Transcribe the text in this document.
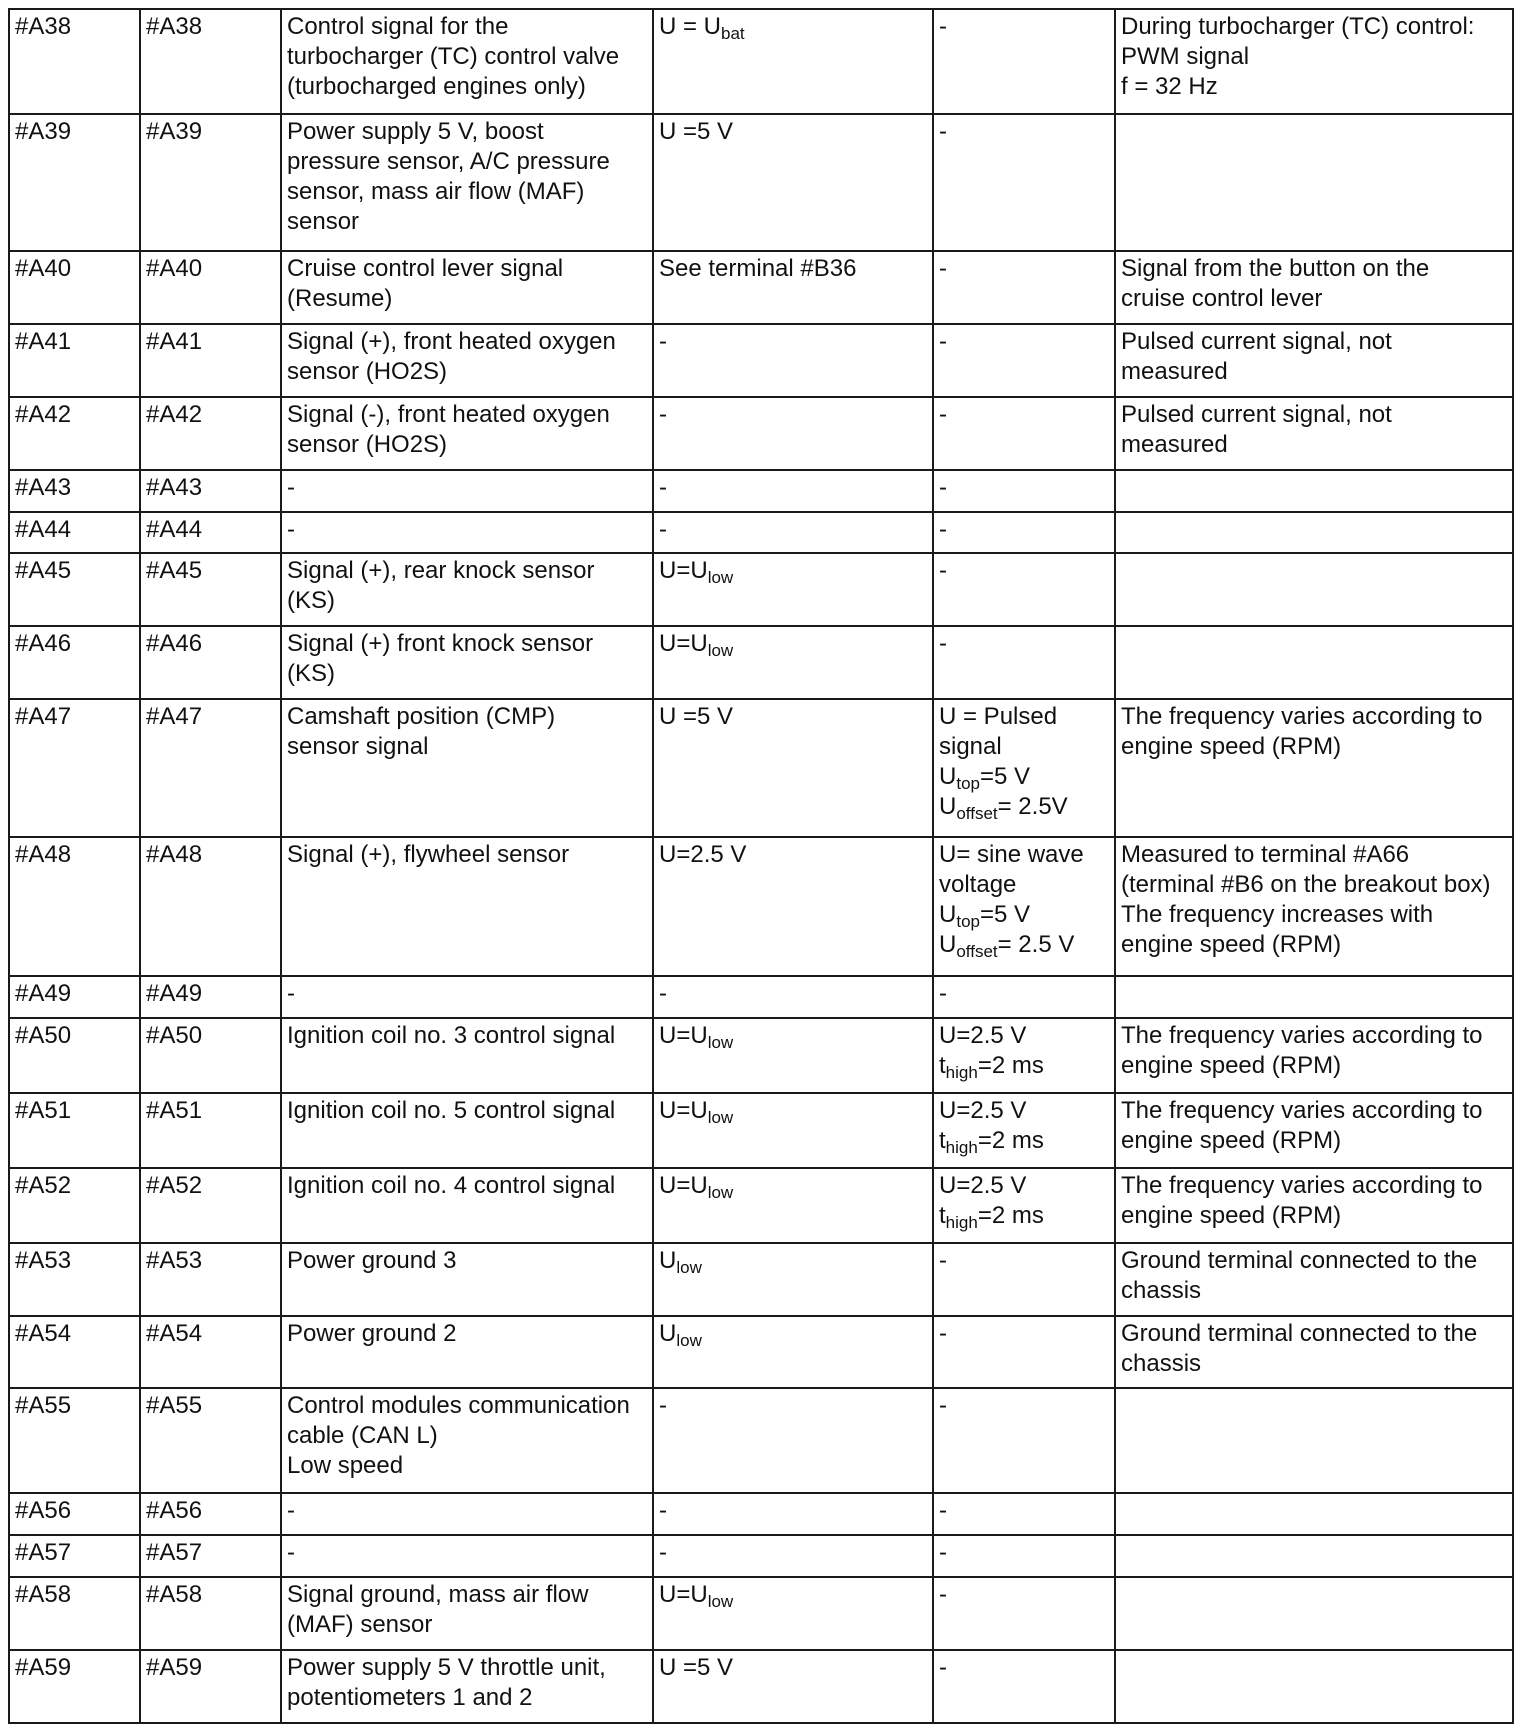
#A38	#A38	Control signal for the
turbocharger (TC) control valve
(turbocharged engines only)	$U = U_{bat}$	-	During turbocharger (TC) control:
PWM signal
f = 32 Hz

#A39	#A39	Power supply 5 V, boost
pressure sensor, A/C pressure
sensor, mass air flow (MAF)
sensor	U =5 V	-	

#A40	#A40	Cruise control lever signal
(Resume)	See terminal #B36	-	Signal from the button on the
cruise control lever

#A41	#A41	Signal (+), front heated oxygen
sensor (HO2S)	-	-	Pulsed current signal, not
measured

#A42	#A42	Signal (-), front heated oxygen
sensor (HO2S)	-	-	Pulsed current signal, not
measured

#A43	#A43	-	-	-	

#A44	#A44	-	-	-	

#A45	#A45	Signal (+), rear knock sensor
(KS)	$U=U_{low}$	-	

#A46	#A46	Signal (+) front knock sensor
(KS)	$U=U_{low}$	-	

#A47	#A47	Camshaft position (CMP)
sensor signal	U =5 V	U = Pulsed
signal
$U_{top}=5$ V
$U_{offset}= 2.5V$	The frequency varies according to
engine speed (RPM)

#A48	#A48	Signal (+), flywheel sensor	U=2.5 V	U= sine wave
voltage
$U_{top}=5$ V
$U_{offset}= 2.5$ V	Measured to terminal #A66
(terminal #B6 on the breakout box)
The frequency increases with
engine speed (RPM)

#A49	#A49	-	-	-	

#A50	#A50	Ignition coil no. 3 control signal	$U=U_{low}$	U=2.5 V
$t_{high}=2$ ms	The frequency varies according to
engine speed (RPM)

#A51	#A51	Ignition coil no. 5 control signal	$U=U_{low}$	U=2.5 V
$t_{high}=2$ ms	The frequency varies according to
engine speed (RPM)

#A52	#A52	Ignition coil no. 4 control signal	$U=U_{low}$	U=2.5 V
$t_{high}=2$ ms	The frequency varies according to
engine speed (RPM)

#A53	#A53	Power ground 3	$U_{low}$	-	Ground terminal connected to the
chassis

#A54	#A54	Power ground 2	$U_{low}$	-	Ground terminal connected to the
chassis

#A55	#A55	Control modules communication
cable (CAN L)
Low speed	-	-	

#A56	#A56	-	-	-	

#A57	#A57	-	-	-	

#A58	#A58	Signal ground, mass air flow
(MAF) sensor	$U=U_{low}$	-	

#A59	#A59	Power supply 5 V throttle unit,
potentiometers 1 and 2	U =5 V	-	
